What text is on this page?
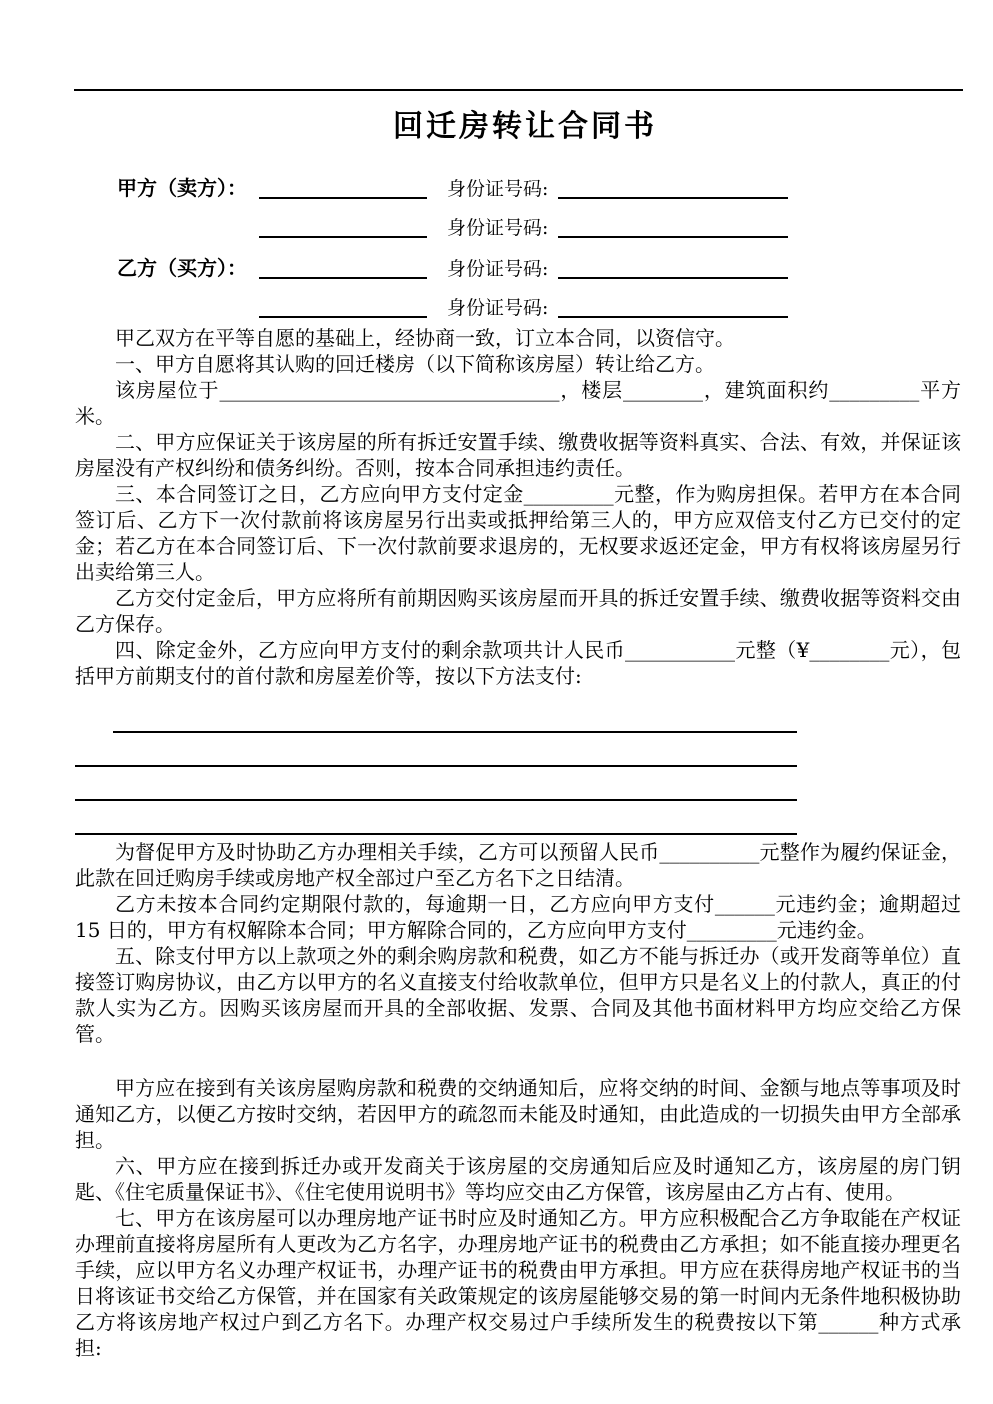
回迁房转让合同书
甲方（卖方）：	身份证号码:
身份证号码:
乙方（买方）：	身份证号码:
身份证号码:
甲乙双方在平等自愿的基础上，经协商一致，订立本合同，以资信守。
一、甲方自愿将其认购的回迁楼房（以下简称该房屋）转让给乙方。
该房屋位于__________________________________，楼层________，建筑面积约_________平方米。
二、甲方应保证关于该房屋的所有拆迁安置手续、缴费收据等资料真实、合法、有效，并保证该房屋没有产权纠纷和债务纠纷。否则，按本合同承担违约责任。
三、本合同签订之日，乙方应向甲方支付定金_________元整，作为购房担保。若甲方在本合同签订后、乙方下一次付款前将该房屋另行出卖或抵押给第三人的，甲方应双倍支付乙方已交付的定金；若乙方在本合同签订后、下一次付款前要求退房的，无权要求返还定金，甲方有权将该房屋另行出卖给第三人。
乙方交付定金后，甲方应将所有前期因购买该房屋而开具的拆迁安置手续、缴费收据等资料交由乙方保存。
四、除定金外，乙方应向甲方支付的剩余款项共计人民币___________元整（¥________元），包括甲方前期支付的首付款和房屋差价等，按以下方法支付:
为督促甲方及时协助乙方办理相关手续，乙方可以预留人民币__________元整作为履约保证金，此款在回迁购房手续或房地产权全部过户至乙方名下之日结清。
乙方未按本合同约定期限付款的，每逾期一日，乙方应向甲方支付______元违约金；逾期超过 15 日的，甲方有权解除本合同；甲方解除合同的，乙方应向甲方支付_________元违约金。
五、除支付甲方以上款项之外的剩余购房款和税费，如乙方不能与拆迁办（或开发商等单位）直接签订购房协议，由乙方以甲方的名义直接支付给收款单位，但甲方只是名义上的付款人，真正的付款人实为乙方。因购买该房屋而开具的全部收据、发票、合同及其他书面材料甲方均应交给乙方保管。
甲方应在接到有关该房屋购房款和税费的交纳通知后，应将交纳的时间、金额与地点等事项及时通知乙方，以便乙方按时交纳，若因甲方的疏忽而未能及时通知，由此造成的一切损失由甲方全部承担。
六、甲方应在接到拆迁办或开发商关于该房屋的交房通知后应及时通知乙方，该房屋的房门钥匙、《住宅质量保证书》、《住宅使用说明书》等均应交由乙方保管，该房屋由乙方占有、使用。
七、甲方在该房屋可以办理房地产证书时应及时通知乙方。甲方应积极配合乙方争取能在产权证办理前直接将房屋所有人更改为乙方名字，办理房地产证书的税费由乙方承担；如不能直接办理更名手续，应以甲方名义办理产权证书，办理产证书的税费由甲方承担。甲方应在获得房地产权证书的当日将该证书交给乙方保管，并在国家有关政策规定的该房屋能够交易的第一时间内无条件地积极协助乙方将该房地产权过户到乙方名下。办理产权交易过户手续所发生的税费按以下第______种方式承担:
